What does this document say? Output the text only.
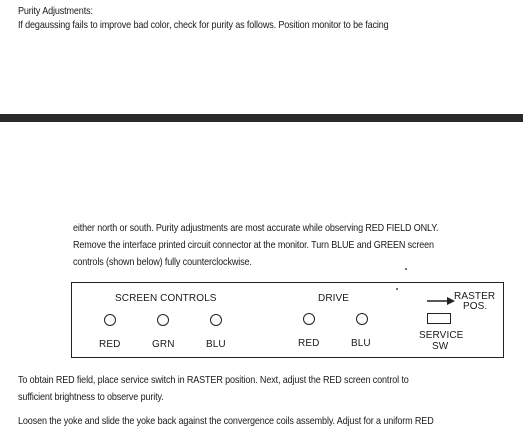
Purity Adjustments:

If degaussing fails to improve bad color, check for purity as follows. Position monitor to be facing

either north or south. Purity adjustments are most accurate while observing RED FIELD ONLY.
Remove the interface printed circuit connector at the monitor. Turn BLUE and GREEN screen
controls (shown below) fully counterclockwise.

SCREEN CONTROLS
RED	GRN	BLU
DRIVE
RED	BLU
RASTER
POS.
SERVICE
SW

To obtain RED field, place service switch in RASTER position. Next, adjust the RED screen control to
sufficient brightness to observe purity.

Loosen the yoke and slide the yoke back against the convergence coils assembly. Adjust for a uniform RED
